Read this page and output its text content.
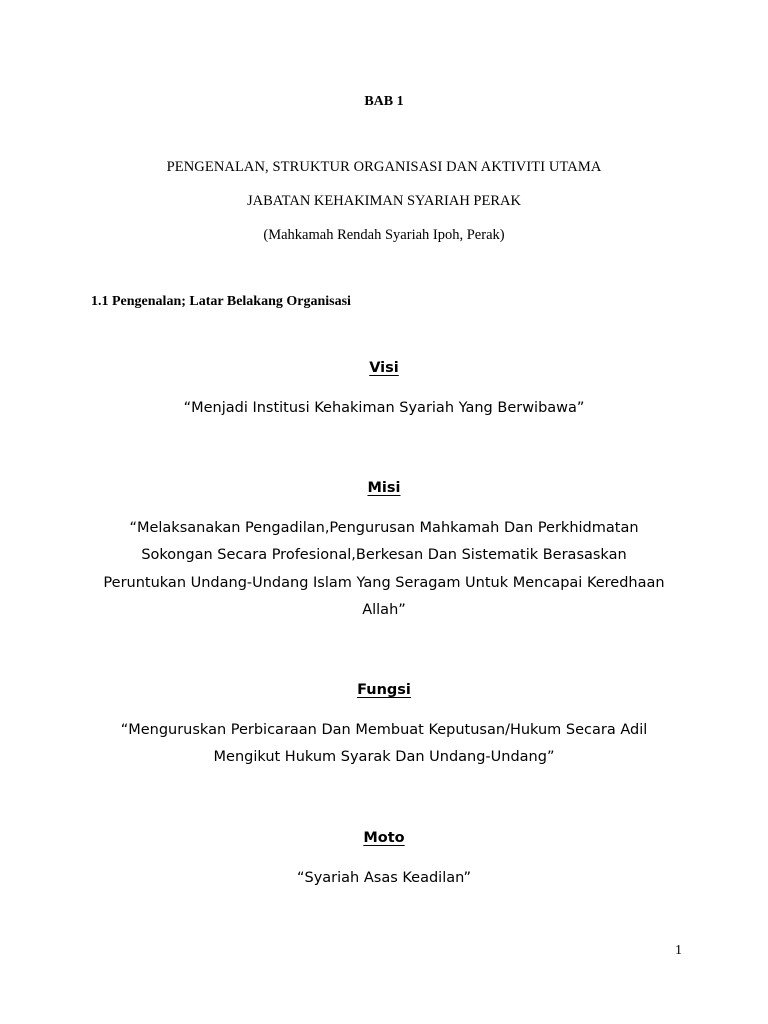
BAB 1

PENGENALAN, STRUKTUR ORGANISASI DAN AKTIVITI UTAMA

JABATAN KEHAKIMAN SYARIAH PERAK

(Mahkamah Rendah Syariah Ipoh, Perak)

1.1 Pengenalan; Latar Belakang Organisasi

Visi

“Menjadi Institusi Kehakiman Syariah Yang Berwibawa”

Misi

“Melaksanakan Pengadilan,Pengurusan Mahkamah Dan Perkhidmatan

Sokongan Secara Profesional,Berkesan Dan Sistematik Berasaskan

Peruntukan Undang-Undang Islam Yang Seragam Untuk Mencapai Keredhaan

Allah”

Fungsi

“Menguruskan Perbicaraan Dan Membuat Keputusan/Hukum Secara Adil

Mengikut Hukum Syarak Dan Undang-Undang”

Moto

“Syariah Asas Keadilan”

1
